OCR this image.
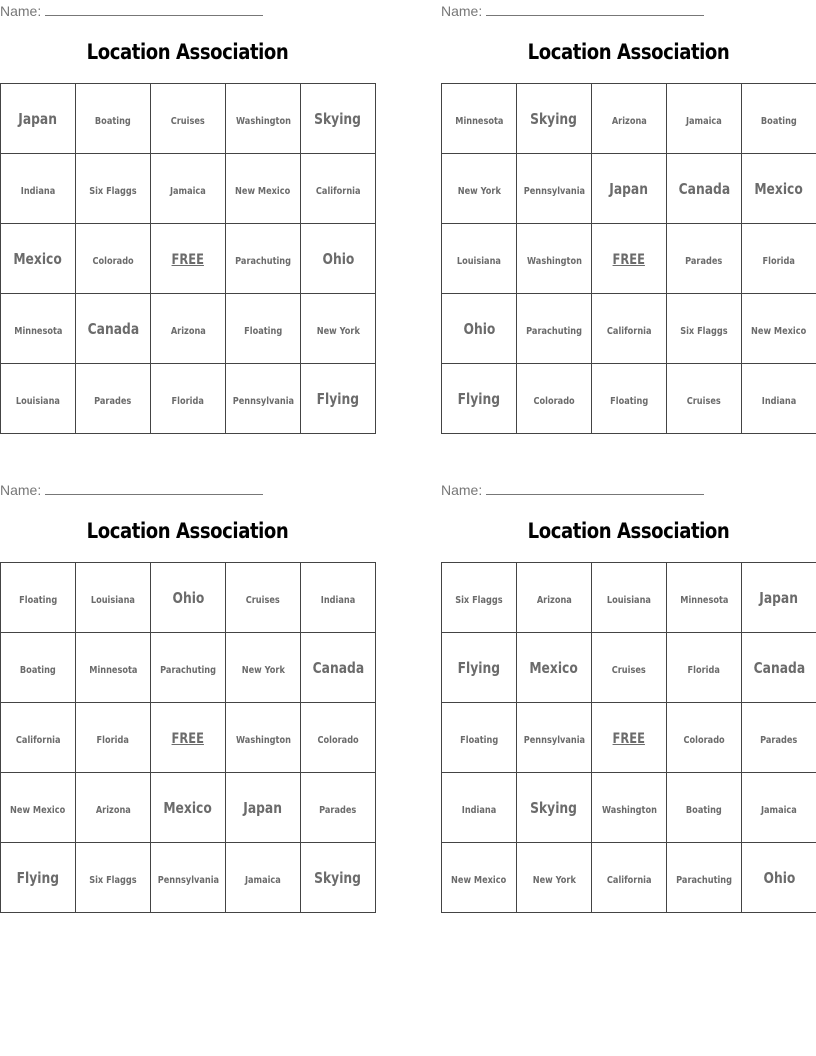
Name:
Location Association
Japan	Boating	Cruises	Washington	Skying
Indiana	Six Flaggs	Jamaica	New Mexico	California
Mexico	Colorado	FREE	Parachuting	Ohio
Minnesota	Canada	Arizona	Floating	New York
Louisiana	Parades	Florida	Pennsylvania	Flying
Name:
Location Association
Minnesota	Skying	Arizona	Jamaica	Boating
New York	Pennsylvania	Japan	Canada	Mexico
Louisiana	Washington	FREE	Parades	Florida
Ohio	Parachuting	California	Six Flaggs	New Mexico
Flying	Colorado	Floating	Cruises	Indiana
Name:
Location Association
Floating	Louisiana	Ohio	Cruises	Indiana
Boating	Minnesota	Parachuting	New York	Canada
California	Florida	FREE	Washington	Colorado
New Mexico	Arizona	Mexico	Japan	Parades
Flying	Six Flaggs	Pennsylvania	Jamaica	Skying
Name:
Location Association
Six Flaggs	Arizona	Louisiana	Minnesota	Japan
Flying	Mexico	Cruises	Florida	Canada
Floating	Pennsylvania	FREE	Colorado	Parades
Indiana	Skying	Washington	Boating	Jamaica
New Mexico	New York	California	Parachuting	Ohio
